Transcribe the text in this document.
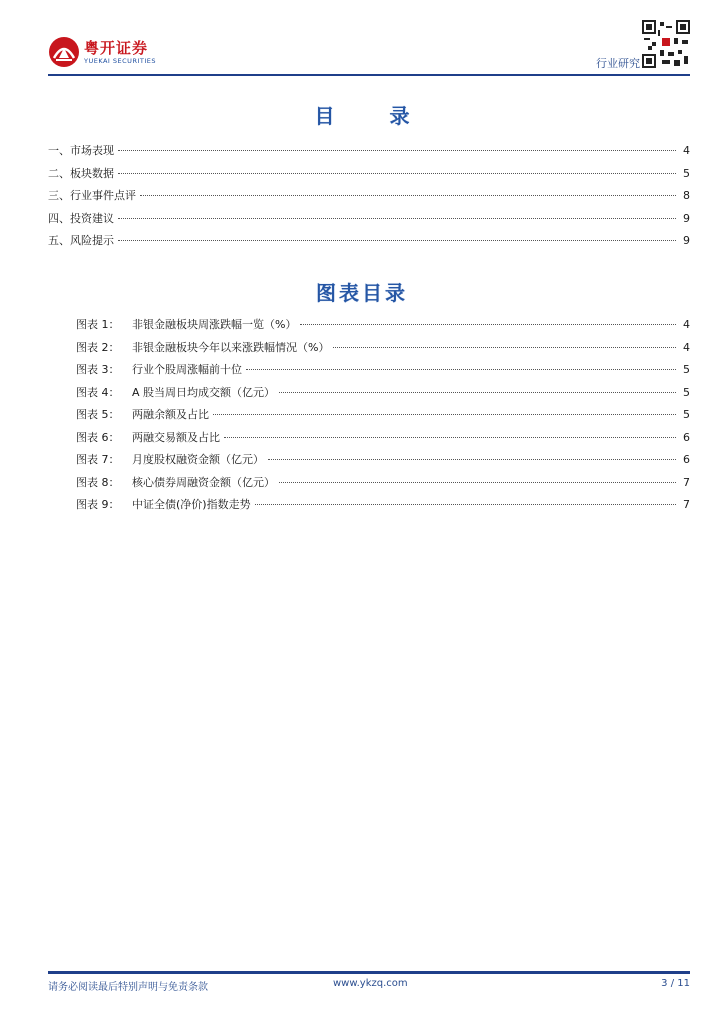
粤开证券
YUEKAI SECURITIES	行业研究
目 录
一、市场表现	4
二、板块数据	5
三、行业事件点评	8
四、投资建议	9
五、风险提示	9
图表目录
图表 1：	非银金融板块周涨跌幅一览（%）	4
图表 2：	非银金融板块今年以来涨跌幅情况（%）	4
图表 3：	行业个股周涨幅前十位	5
图表 4：	A 股当周日均成交额（亿元）	5
图表 5：	两融余额及占比	5
图表 6：	两融交易额及占比	6
图表 7：	月度股权融资金额（亿元）	6
图表 8：	核心债券周融资金额（亿元）	7
图表 9：	中证全债(净价)指数走势	7
请务必阅读最后特别声明与免责条款	www.ykzq.com	3 / 11
